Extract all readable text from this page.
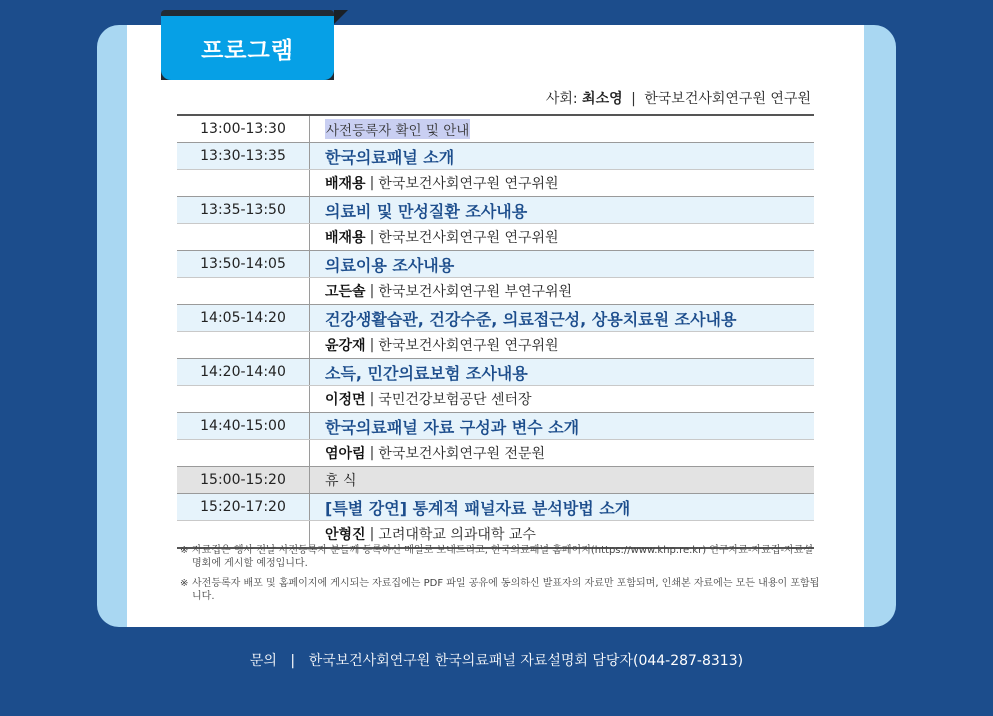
프로그램
사회: 최소영 | 한국보건사회연구원 연구원
13:00-13:30	사전등록자 확인 및 안내
13:30-13:35	한국의료패널 소개
배재용 | 한국보건사회연구원 연구위원
13:35-13:50	의료비 및 만성질환 조사내용
배재용 | 한국보건사회연구원 연구위원
13:50-14:05	의료이용 조사내용
고든솔 | 한국보건사회연구원 부연구위원
14:05-14:20	건강생활습관, 건강수준, 의료접근성, 상용치료원 조사내용
윤강재 | 한국보건사회연구원 연구위원
14:20-14:40	소득, 민간의료보험 조사내용
이정면 | 국민건강보험공단 센터장
14:40-15:00	한국의료패널 자료 구성과 변수 소개
염아림 | 한국보건사회연구원 전문원
15:00-15:20	휴 식
15:20-17:20	[특별 강연] 통계적 패널자료 분석방법 소개
안형진 | 고려대학교 의과대학 교수
※ 자료집은 행사 전날 사전등록자 분들께 등록하신 메일로 보내드리고, 한국의료패널 홈페이지(https://www.khp.re.kr) 연구자료-자료집-자료설명회에 게시할 예정입니다.
※ 사전등록자 배포 및 홈페이지에 게시되는 자료집에는 PDF 파일 공유에 동의하신 발표자의 자료만 포함되며, 인쇄본 자료에는 모든 내용이 포함됩니다.
문의 | 한국보건사회연구원 한국의료패널 자료설명회 담당자(044-287-8313)
